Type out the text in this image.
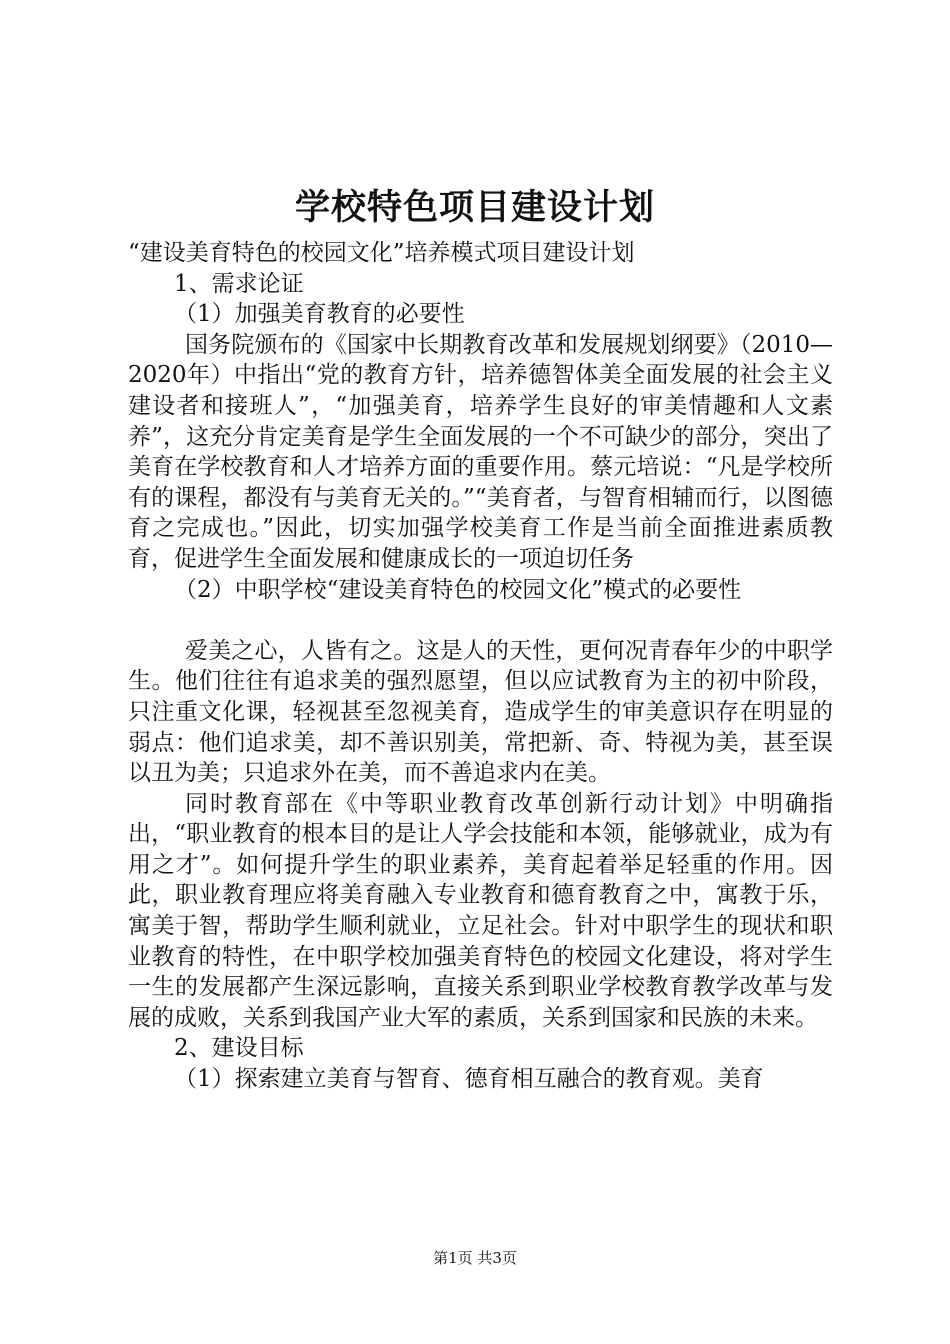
学校特色项目建设计划

“建设美育特色的校园文化”培养模式项目建设计划

1、需求论证

（1）加强美育教育的必要性

国务院颁布的《国家中长期教育改革和发展规划纲要》（2010—2020年）中指出“党的教育方针，培养德智体美全面发展的社会主义建设者和接班人”，“加强美育，培养学生良好的审美情趣和人文素养”，这充分肯定美育是学生全面发展的一个不可缺少的部分，突出了美育在学校教育和人才培养方面的重要作用。蔡元培说：“凡是学校所有的课程，都没有与美育无关的。”“美育者，与智育相辅而行，以图德育之完成也。”因此，切实加强学校美育工作是当前全面推进素质教育，促进学生全面发展和健康成长的一项迫切任务

（2）中职学校“建设美育特色的校园文化”模式的必要性

爱美之心，人皆有之。这是人的天性，更何况青春年少的中职学生。他们往往有追求美的强烈愿望，但以应试教育为主的初中阶段，只注重文化课，轻视甚至忽视美育，造成学生的审美意识存在明显的弱点：他们追求美，却不善识别美，常把新、奇、特视为美，甚至误以丑为美；只追求外在美，而不善追求内在美。

同时教育部在《中等职业教育改革创新行动计划》中明确指出，“职业教育的根本目的是让人学会技能和本领，能够就业，成为有用之才”。如何提升学生的职业素养，美育起着举足轻重的作用。因此，职业教育理应将美育融入专业教育和德育教育之中，寓教于乐，寓美于智，帮助学生顺利就业，立足社会。针对中职学生的现状和职业教育的特性，在中职学校加强美育特色的校园文化建设，将对学生一生的发展都产生深远影响，直接关系到职业学校教育教学改革与发展的成败，关系到我国产业大军的素质，关系到国家和民族的未来。

2、建设目标

（1）探索建立美育与智育、德育相互融合的教育观。美育

第1页 共3页
